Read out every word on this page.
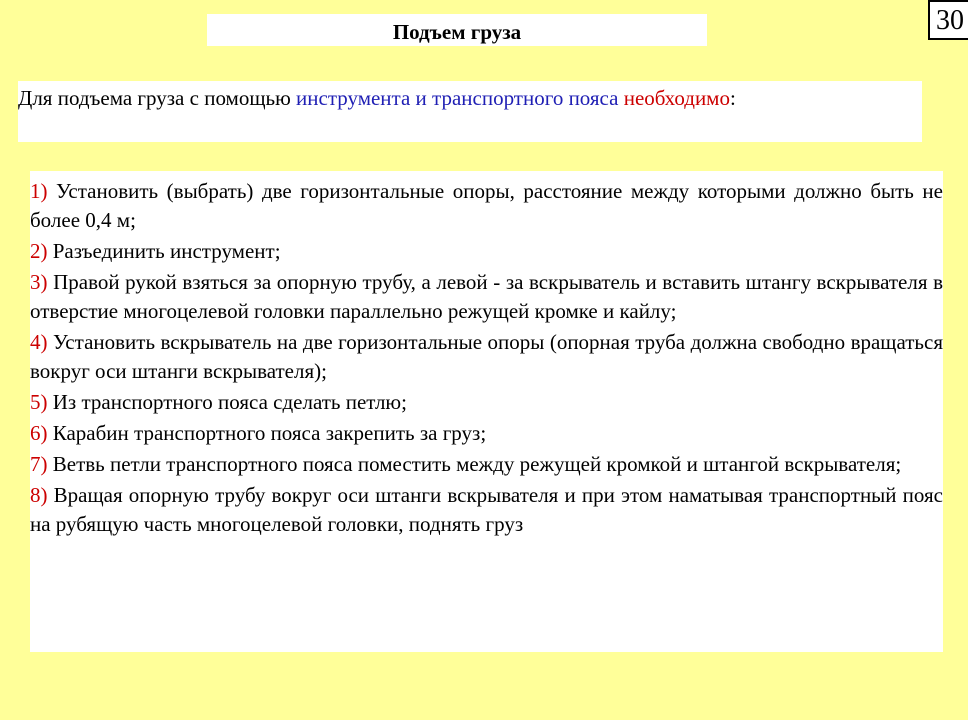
Подъем груза	30
Для подъема груза с помощью инструмента и транспортного пояса необходимо:

1) Установить (выбрать) две горизонтальные опоры, расстояние между которыми должно быть не более 0,4 м;

2) Разъединить инструмент;

3) Правой рукой взяться за опорную трубу, а левой - за вскрыватель и вставить штангу вскрывателя в отверстие многоцелевой головки параллельно режущей кромке и кайлу;

4) Установить вскрыватель на две горизонтальные опоры (опорная труба должна свободно вращаться вокруг оси штанги вскрывателя);

5) Из транспортного пояса сделать петлю;

6) Карабин транспортного пояса закрепить за груз;

7) Ветвь петли транспортного пояса поместить между режущей кромкой и штангой вскрывателя;

8) Вращая опорную трубу вокруг оси штанги вскрывателя и при этом наматывая транспортный пояс на рубящую часть многоцелевой головки, поднять груз
